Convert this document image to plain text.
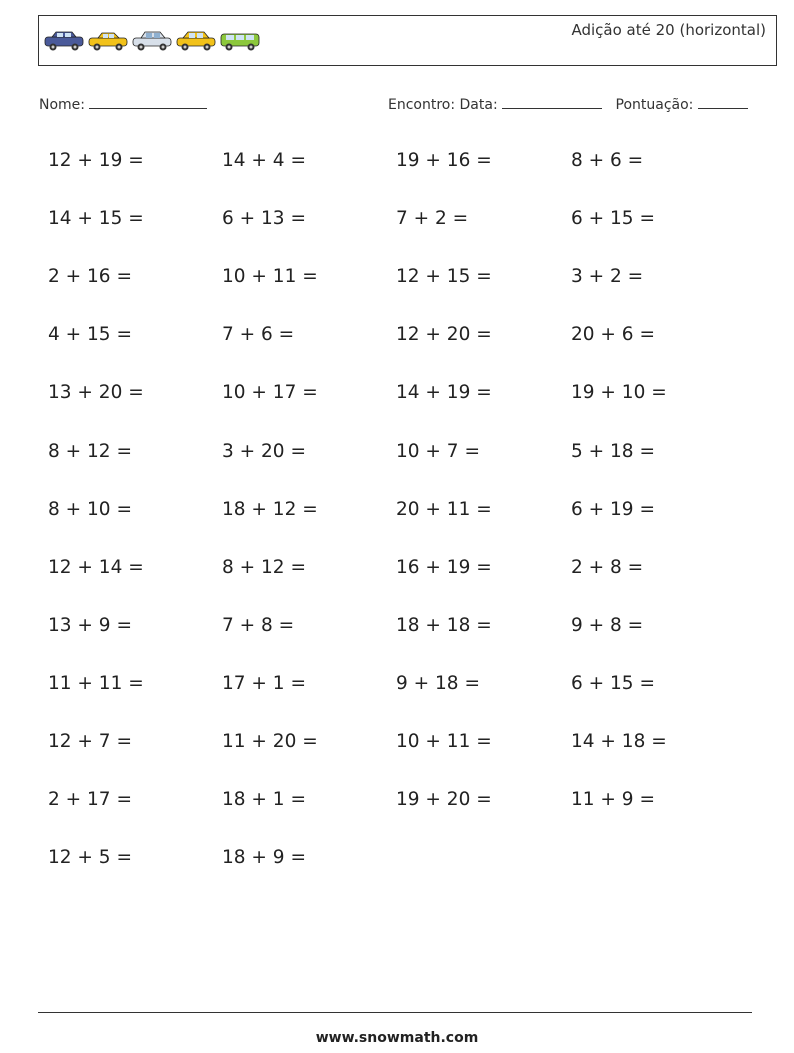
Adição até 20 (horizontal)
Nome:	Encontro: Data:	Pontuação:
12 + 19 =	14 + 4 =	19 + 16 =	8 + 6 =
14 + 15 =	6 + 13 =	7 + 2 =	6 + 15 =
2 + 16 =	10 + 11 =	12 + 15 =	3 + 2 =
4 + 15 =	7 + 6 =	12 + 20 =	20 + 6 =
13 + 20 =	10 + 17 =	14 + 19 =	19 + 10 =
8 + 12 =	3 + 20 =	10 + 7 =	5 + 18 =
8 + 10 =	18 + 12 =	20 + 11 =	6 + 19 =
12 + 14 =	8 + 12 =	16 + 19 =	2 + 8 =
13 + 9 =	7 + 8 =	18 + 18 =	9 + 8 =
11 + 11 =	17 + 1 =	9 + 18 =	6 + 15 =
12 + 7 =	11 + 20 =	10 + 11 =	14 + 18 =
2 + 17 =	18 + 1 =	19 + 20 =	11 + 9 =
12 + 5 =	18 + 9 =
www.snowmath.com
